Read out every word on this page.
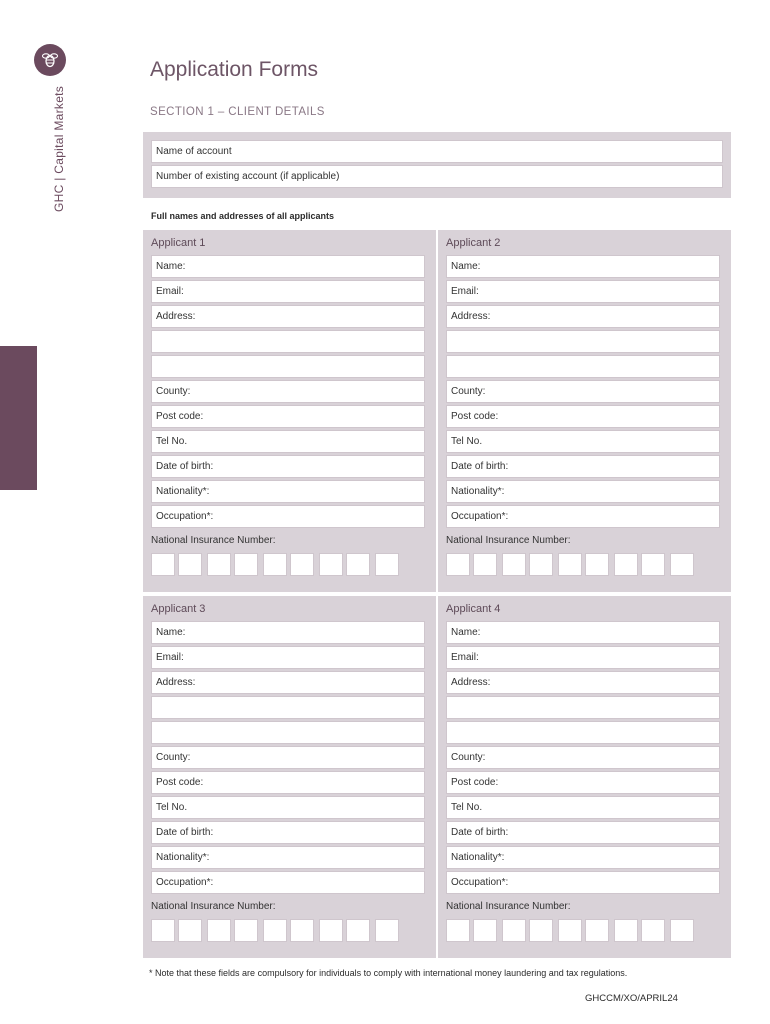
GHC | Capital Markets
Application Forms
SECTION 1 – CLIENT DETAILS
Name of account
Number of existing account (if applicable)
Full names and addresses of all applicants
Applicant 1
Name:
Email:
Address:
County:
Post code:
Tel No.
Date of birth:
Nationality*:
Occupation*:
National Insurance Number:
Applicant 2
Name:
Email:
Address:
County:
Post code:
Tel No.
Date of birth:
Nationality*:
Occupation*:
National Insurance Number:
Applicant 3
Name:
Email:
Address:
County:
Post code:
Tel No.
Date of birth:
Nationality*:
Occupation*:
National Insurance Number:
Applicant 4
Name:
Email:
Address:
County:
Post code:
Tel No.
Date of birth:
Nationality*:
Occupation*:
National Insurance Number:
* Note that these fields are compulsory for individuals to comply with international money laundering and tax regulations.
GHCCM/XO/APRIL24
